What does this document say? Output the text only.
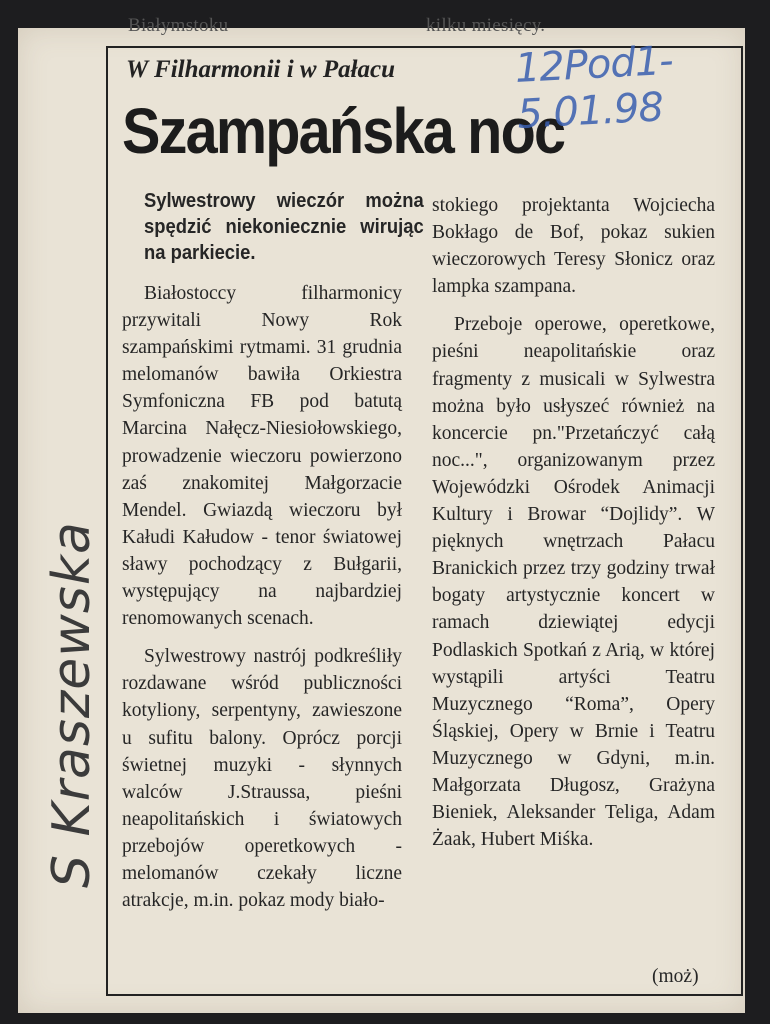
Białymstoku	kilku miesięcy.
S Kraszewska
W Filharmonii i w Pałacu
Szampańska noc
Sylwestrowy wieczór można spędzić niekoniecznie wirując na parkiecie.

Białostoccy filharmonicy przywitali Nowy Rok szampańskimi rytmami. 31 grudnia melomanów bawiła Orkiestra Symfoniczna FB pod batutą Marcina Nałęcz-Niesiołowskiego, prowadzenie wieczoru powierzono zaś znakomitej Małgorzacie Mendel. Gwiazdą wieczoru był Kałudi Kałudow - tenor światowej sławy pochodzący z Bułgarii, występujący na najbardziej renomowanych scenach.

Sylwestrowy nastrój podkreśliły rozdawane wśród publiczności kotyliony, serpentyny, zawieszone u sufitu balony. Oprócz porcji świetnej muzyki - słynnych walców J.Straussa, pieśni neapolitańskich i światowych przebojów operetkowych - melomanów czekały liczne atrakcje, m.in. pokaz mody biało-

stokiego projektanta Wojciecha Bokłago de Bof, pokaz sukien wieczorowych Teresy Słonicz oraz lampka szampana.

Przeboje operowe, operetkowe, pieśni neapolitańskie oraz fragmenty z musicali w Sylwestra można było usłyszeć również na koncercie pn."Przetańczyć całą noc...", organizowanym przez Wojewódzki Ośrodek Animacji Kultury i Browar “Dojlidy”. W pięknych wnętrzach Pałacu Branickich przez trzy godziny trwał bogaty artystycznie koncert w ramach dziewiątej edycji Podlaskich Spotkań z Arią, w której wystąpili artyści Teatru Muzycznego “Roma”, Opery Śląskiej, Opery w Brnie i Teatru Muzycznego w Gdyni, m.in. Małgorzata Długosz, Grażyna Bieniek, Aleksander Teliga, Adam Żaak, Hubert Miśka.

(moż)
12Pod1-5.01.98
